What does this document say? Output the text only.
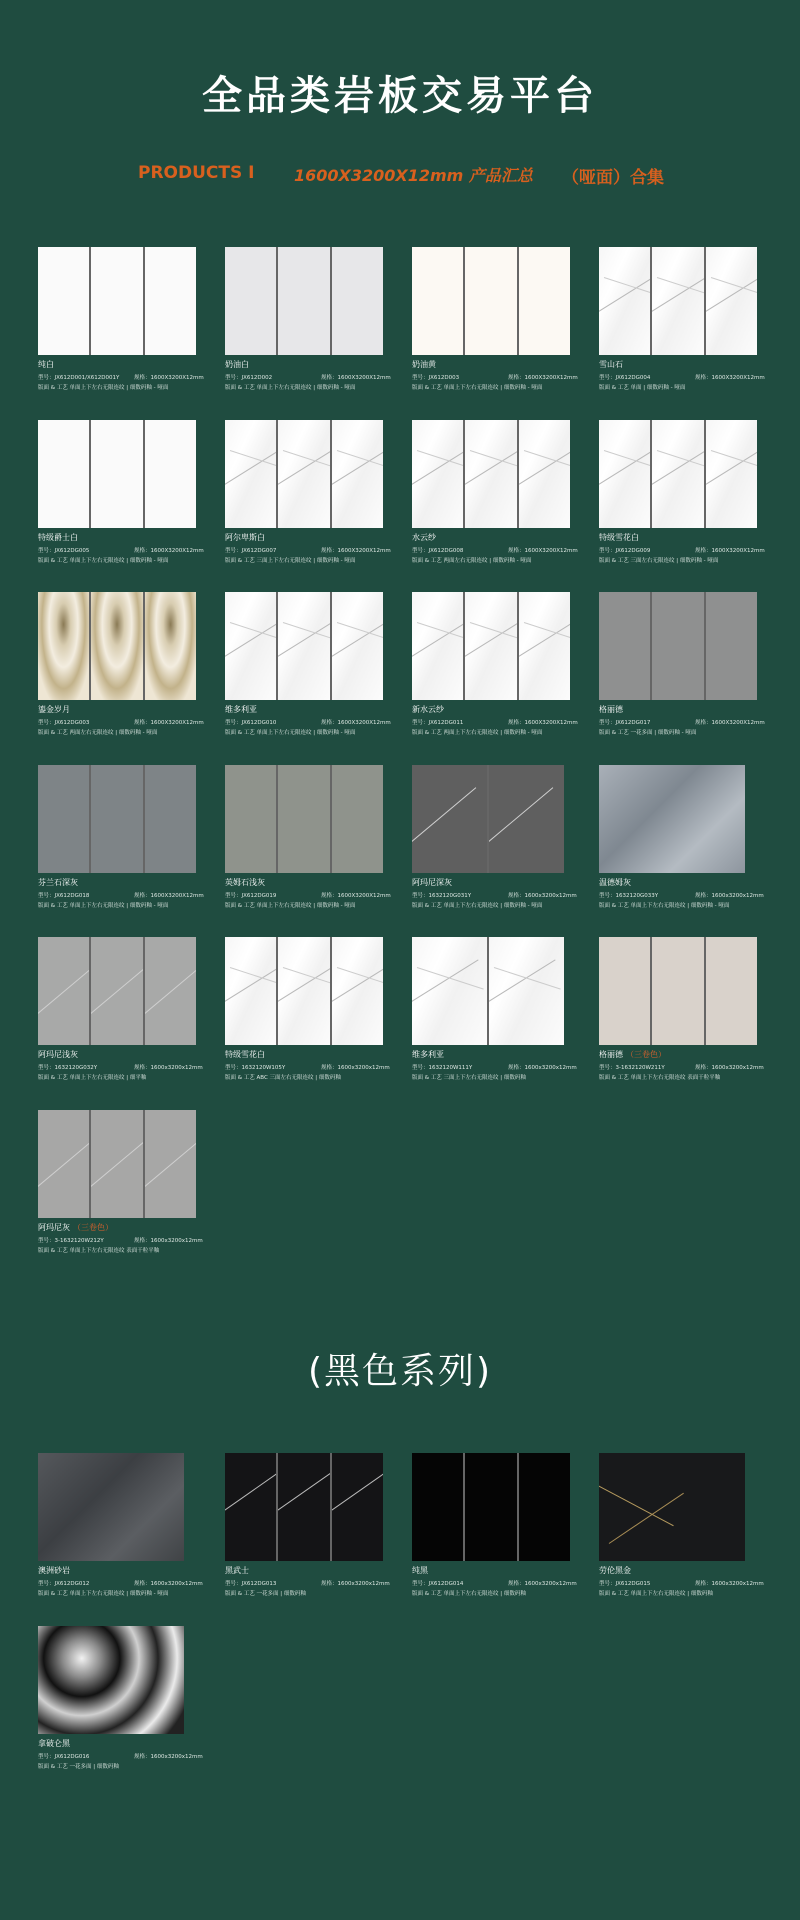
全品类岩板交易平台
PRODUCTS Ⅰ 1600X3200X12mm 产品汇总 （哑面）合集
纯白
型号：JX612D001/X612D001Y	规格：1600X3200X12mm
版面 & 工艺 单面上下左右无限连纹 | 细数码釉 - 哑面
奶油白
型号：JX612D002	规格：1600X3200X12mm
版面 & 工艺 单面上下左右无限连纹 | 细数码釉 - 哑面
奶油黄
型号：JX612D003	规格：1600X3200X12mm
版面 & 工艺 单面上下左右无限连纹 | 细数码釉 - 哑面
雪山石
型号：JX612DG004	规格：1600X3200X12mm
版面 & 工艺 单面 | 细数码釉 - 哑面
特级爵士白
型号：JX612DG005	规格：1600X3200X12mm
版面 & 工艺 单面上下左右无限连纹 | 细数码釉 - 哑面
阿尔卑斯白
型号：JX612DG007	规格：1600X3200X12mm
版面 & 工艺 三面上下左右无限连纹 | 细数码釉 - 哑面
水云纱
型号：JX612DG008	规格：1600X3200X12mm
版面 & 工艺 两面左右无限连纹 | 细数码釉 - 哑面
特级雪花白
型号：JX612DG009	规格：1600X3200X12mm
版面 & 工艺 三面左右无限连纹 | 细数码釉 - 哑面
鎏金岁月
型号：JX612DG003	规格：1600X3200X12mm
版面 & 工艺 两面左右无限连纹 | 细数码釉 - 哑面
维多利亚
型号：JX612DG010	规格：1600X3200X12mm
版面 & 工艺 单面上下左右无限连纹 | 细数码釉 - 哑面
新水云纱
型号：JX612DG011	规格：1600X3200X12mm
版面 & 工艺 两面上下左右无限连纹 | 细数码釉 - 哑面
格丽德
型号：JX612DG017	规格：1600X3200X12mm
版面 & 工艺 一花多面 | 细数码釉 - 哑面
芬兰石深灰
型号：JX612DG018	规格：1600X3200X12mm
版面 & 工艺 单面上下左右无限连纹 | 细数码釉 - 哑面
英姆石浅灰
型号：JX612DG019	规格：1600X3200X12mm
版面 & 工艺 单面上下左右无限连纹 | 细数码釉 - 哑面
阿玛尼深灰
型号：1632120G031Y	规格：1600x3200x12mm
版面 & 工艺 单面上下左右无限连纹 | 细数码釉 - 哑面
温德姆灰
型号：1632120G033Y	规格：1600x3200x12mm
版面 & 工艺 单面上下左右无限连纹 | 细数码釉 - 哑面
阿玛尼浅灰
型号：1632120G032Y	规格：1600x3200x12mm
版面 & 工艺 单面上下左右无限连纹 | 细平釉
特级雪花白
型号：1632120W105Y	规格：1600x3200x12mm
版面 & 工艺 ABC 三面左右无限连纹 | 细数码釉
维多利亚
型号：1632120W111Y	规格：1600x3200x12mm
版面 & 工艺 三面上下左右无限连纹 | 细数码釉
格丽德 （三卷色）
型号：3-1632120W211Y	规格：1600x3200x12mm
版面 & 工艺 单面上下左右无限连纹 表面干粒平釉
阿玛尼灰 （三卷色）
型号：3-1632120W212Y	规格：1600x3200x12mm
版面 & 工艺 单面上下左右无限连纹 表面干粒平釉
(黑色系列)
澳洲砂岩
型号：JX612DG012	规格：1600x3200x12mm
版面 & 工艺 单面上下左右无限连纹 | 细数码釉 - 哑面
黑武士
型号：JX612DG013	规格：1600x3200x12mm
版面 & 工艺 一花多面 | 细数码釉
纯黑
型号：JX612DG014	规格：1600x3200x12mm
版面 & 工艺 单面上下左右无限连纹 | 细数码釉
劳伦黑金
型号：JX612DG015	规格：1600x3200x12mm
版面 & 工艺 单面上下左右无限连纹 | 细数码釉
拿破仑黑
型号：JX612DG016	规格：1600x3200x12mm
版面 & 工艺 一花多面 | 细数码釉
